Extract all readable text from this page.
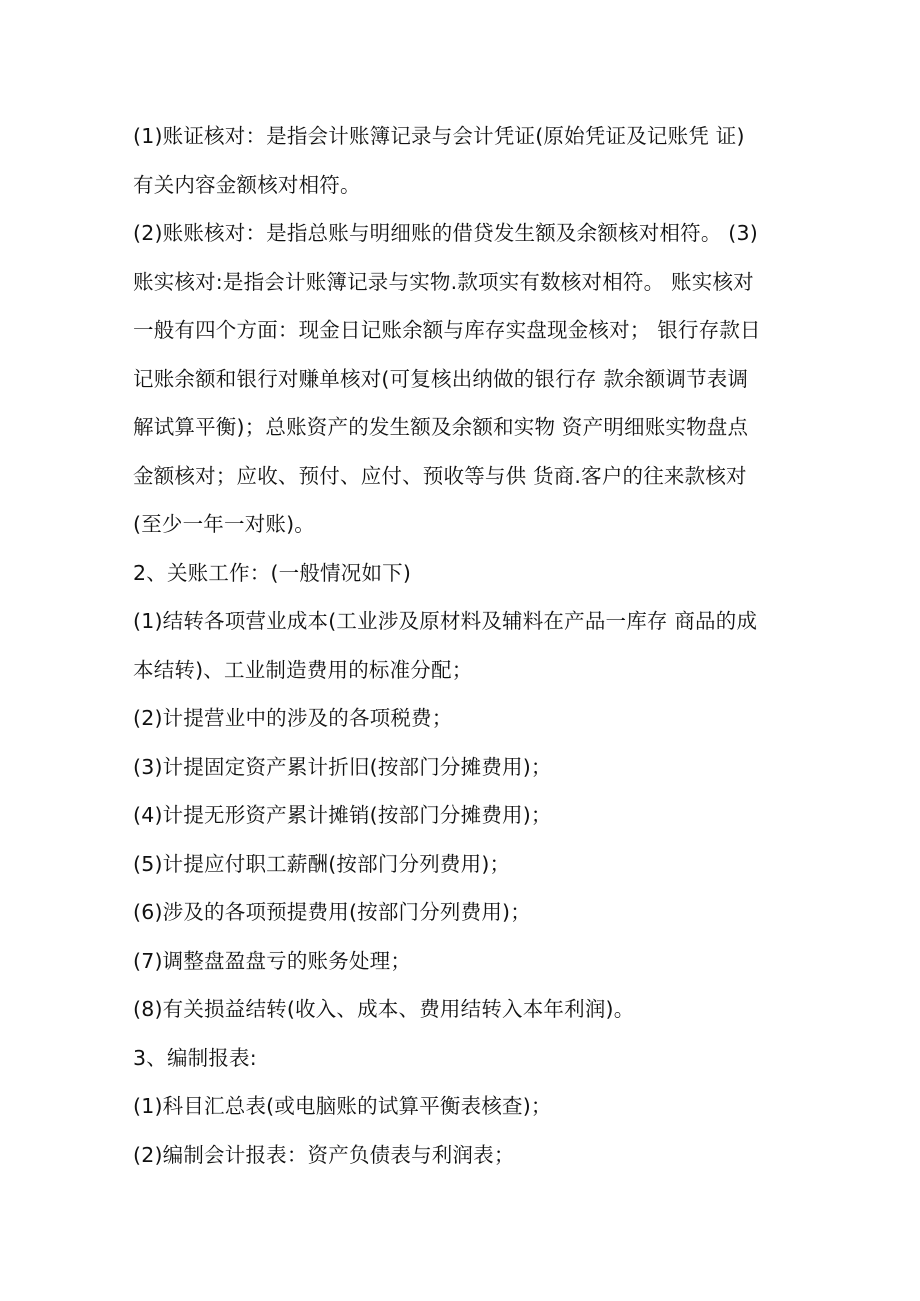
(1)账证核对：是指会计账簿记录与会计凭证(原始凭证及记账凭 证)
有关内容金额核对相符。
(2)账账核对：是指总账与明细账的借贷发生额及余额核对相符。 (3)
账实核对:是指会计账簿记录与实物.款项实有数核对相符。 账实核对
一般有四个方面：现金日记账余额与库存实盘现金核对； 银行存款日
记账余额和银行对赚单核对(可复核出纳做的银行存 款余额调节表调
解试算平衡)；总账资产的发生额及余额和实物 资产明细账实物盘点
金额核对；应收、预付、应付、预收等与供 货商.客户的往来款核对
(至少一年一对账)。
2、关账工作：(一般情况如下)
(1)结转各项营业成本(工业涉及原材料及辅料在产品一库存 商品的成
本结转)、工业制造费用的标准分配；
(2)计提营业中的涉及的各项税费；
(3)计提固定资产累计折旧(按部门分摊费用)；
(4)计提无形资产累计摊销(按部门分摊费用)；
(5)计提应付职工薪酬(按部门分列费用)；
(6)涉及的各项预提费用(按部门分列费用)；
(7)调整盘盈盘亏的账务处理；
(8)有关损益结转(收入、成本、费用结转入本年利润)。
3、编制报表:
(1)科目汇总表(或电脑账的试算平衡表核查)；
(2)编制会计报表：资产负债表与利润表；
